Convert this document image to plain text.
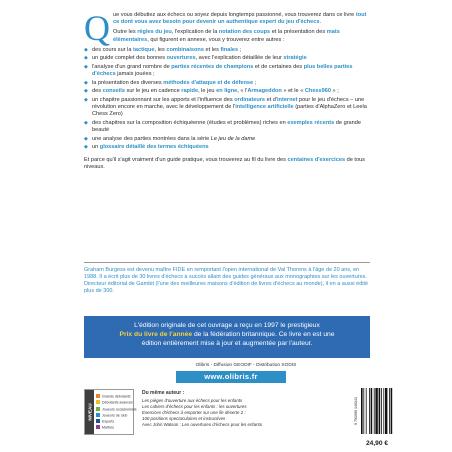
Q ue vous débutiez aux échecs ou soyez depuis longtemps passionné, vous trouverez dans ce livre tout ce dont vous avez besoin pour devenir un authentique expert du jeu d'échecs.

Outre les règles du jeu, l'explication de la notation des coups et la présentation des mats élémentaires, qui figurent en annexe, vous y trouverez entre autres :

◆ des cours sur la tactique, les combinaisons et les finales ;
◆ un guide complet des bonnes ouvertures, avec l'explication détaillée de leur stratégie
◆ l'analyse d'un grand nombre de parties récentes de champions et de certaines des plus belles parties d'échecs jamais jouées ;
◆ la présentation des diverses méthodes d'attaque et de défense ;
◆ des conseils sur le jeu en cadence rapide, le jeu en ligne, « l'Armageddon » et le « Chess960 » ;
◆ un chapitre passionnant sur les apports et l'influence des ordinateurs et d'internet pour le jeu d'échecs – une révolution encore en marche, avec le développement de l'intelligence artificielle (parties d'AlphaZero et Leela Chess Zero)
◆ des chapitres sur la composition échiquéenne (études et problèmes) riches en exemples récents de grande beauté
◆ une analyse des parties montrées dans la série Le jeu de la dame
◆ un glossaire détaillé des termes échiquéens

Et parce qu'il s'agit vraiment d'un guide pratique, vous trouverez au fil du livre des centaines d'exercices de tous niveaux.

Graham Burgess est devenu maître FIDE en remportant l'open international de Val Thorens à l'âge de 20 ans, en 1988. Il a écrit plus de 30 livres d'échecs à succès allant des guides généraux aux monographies sur les ouvertures. Directeur éditorial de Gambit (l'une des meilleures maisons d'édition de livres d'échecs au monde), il en a aussi édité plus de 300.
L'édition originale de cet ouvrage a reçu en 1997 le prestigieux
Prix du livre de l'année de la fédération britannique. Ce livre en est une
édition entièrement mise à jour et augmentée par l'auteur.
Olibris - Diffusion GEODIF - Distribution SODIS
www.olibris.fr
NIVEAU
Grands débutants
Débutants avancés
Joueurs occasionnels
Joueurs de club
Experts
Maîtres
Du même auteur :
Les pièges d'ouverture aux échecs pour les enfants
Les cahiers d'échecs pour les enfants : les ouvertures
Exercices d'échecs à emporter sur une île déserte 2 :
100 positions spectaculaires et instructives
Avec John Watson : Les ouvertures d'échecs pour les enfants	9 791090 146341
24,90 €
